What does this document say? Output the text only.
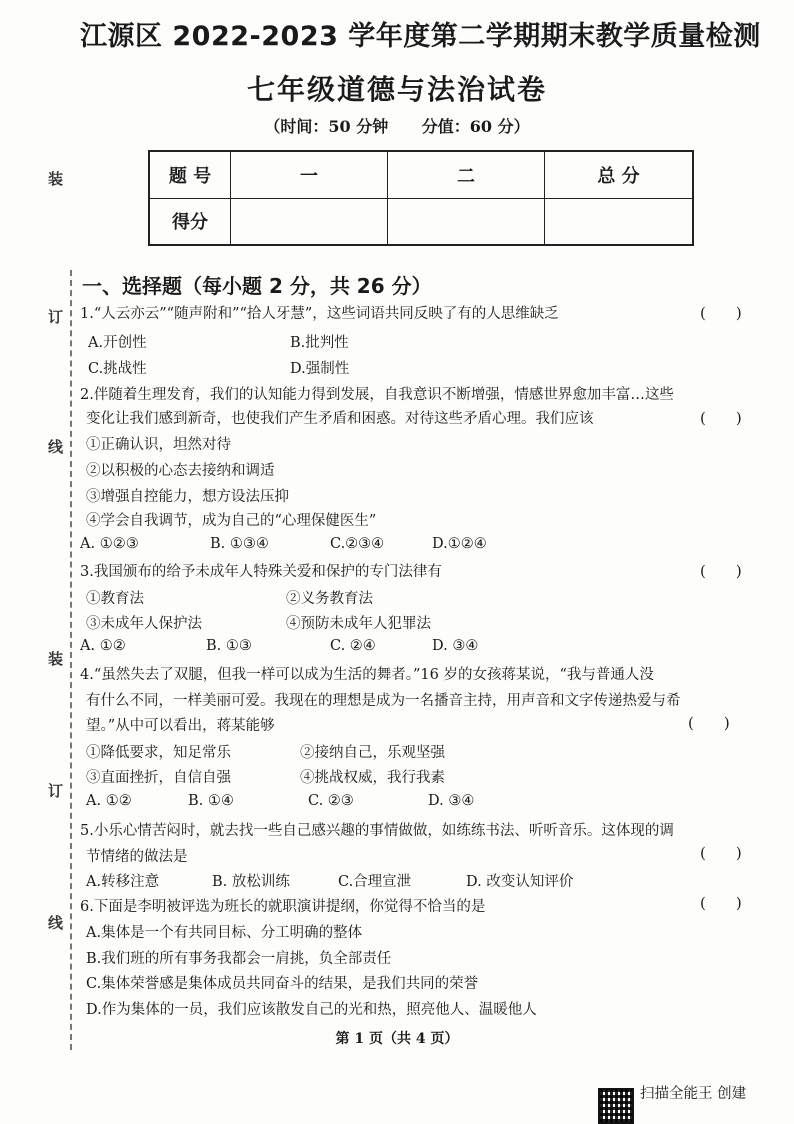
装
订
线
装
订
线
江源区 2022-2023 学年度第二学期期末教学质量检测
七年级道德与法治试卷
（时间：50 分钟 分值：60 分）
题 号	一	二	总 分
得分			
一、选择题（每小题 2 分，共 26 分）
1.“人云亦云”“随声附和”“拾人牙慧”，这些词语共同反映了有的人思维缺乏	(　　)
A.开创性	B.批判性
C.挑战性	D.强制性
2.伴随着生理发育，我们的认知能力得到发展，自我意识不断增强，情感世界愈加丰富…这些
变化让我们感到新奇，也使我们产生矛盾和困惑。对待这些矛盾心理。我们应该	(　　)
①正确认识，坦然对待
②以积极的心态去接纳和调适
③增强自控能力，想方设法压抑
④学会自我调节，成为自己的“心理保健医生”
A. ①②③	B. ①③④	C.②③④	D.①②④
3.我国颁布的给予未成年人特殊关爱和保护的专门法律有	(　　)
①教育法	②义务教育法
③未成年人保护法	④预防未成年人犯罪法
A. ①②	B. ①③	C. ②④	D. ③④
4.“虽然失去了双腿，但我一样可以成为生活的舞者。”16 岁的女孩蒋某说，“我与普通人没
有什么不同，一样美丽可爱。我现在的理想是成为一名播音主持，用声音和文字传递热爱与希
望。”从中可以看出，蒋某能够	(　　)
①降低要求，知足常乐	②接纳自己，乐观坚强
③直面挫折，自信自强	④挑战权威，我行我素
A. ①②	B. ①④	C. ②③	D. ③④
5.小乐心情苦闷时，就去找一些自己感兴趣的事情做做，如练练书法、听听音乐。这体现的调
节情绪的做法是	(　　)
A.转移注意	B. 放松训练	C.合理宣泄	D. 改变认知评价
6.下面是李明被评选为班长的就职演讲提纲，你觉得不恰当的是	(　　)
A.集体是一个有共同目标、分工明确的整体
B.我们班的所有事务我都会一肩挑，负全部责任
C.集体荣誉感是集体成员共同奋斗的结果，是我们共同的荣誉
D.作为集体的一员，我们应该散发自己的光和热，照亮他人、温暖他人
第 1 页（共 4 页）
扫描全能王 创建
